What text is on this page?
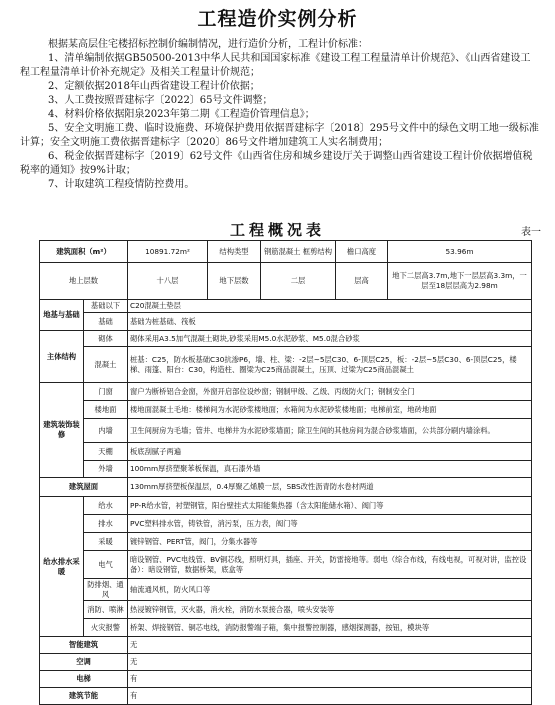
工程造价实例分析

根据某高层住宅楼招标控制价编制情况，进行造价分析，工程计价标准：

1、清单编制依据GB50500-2013中华人民共和国国家标准《建设工程工程量清单计价规范》、《山西省建设工程工程量清单计价补充规定》及相关工程量计价规范；

2、定额依据2018年山西省建设工程计价依据；

3、人工费按照晋建标字〔2022〕65号文件调整；

4、材料价格依据阳泉2023年第二期《工程造价管理信息》；

5、安全文明施工费、临时设施费、环境保护费用依据晋建标字〔2018〕295号文件中的绿色文明工地一级标准计算；安全文明施工费依据晋建标字〔2020〕86号文件增加建筑工人实名制费用；

6、税金依据晋建标字〔2019〕62号文件《山西省住房和城乡建设厅关于调整山西省建设工程计价依据增值税税率的通知》按9%计取；

7、计取建筑工程疫情防控费用。

工程概况表	表一
建筑面积（m²）		10891.72m²	结构类型	钢筋混凝土 框剪结构	檐口高度	53.96m
地上层数		十八层	地下层数	二层	层高	地下二层高3.7m,地下一层层高3.3m，一层至18层层高为2.98m
地基与基础	基础以下	C20混凝土垫层				
	基础	基础为桩基础、筏板				
主体结构	砌体	砌体采用A3.5加气混凝土砌块,砂浆采用M5.0水泥砂浆、M5.0混合砂浆				
	混凝土	桩基：C25，防水板基础C30抗渗P6，墙、柱、梁：-2层~5层C30、6-顶层C25，板：-2层~5层C30、6-顶层C25，楼梯、雨篷、阳台：C30，构造柱、圈梁为C25商品混凝土，压顶、过梁为C25商品混凝土				
建筑装饰装修	门窗	窗户为断桥铝合金窗，外窗开启部位设纱窗；钢制甲级、乙级、丙级防火门；钢制安全门				
	楼地面	楼地面混凝土毛地：楼梯间为水泥砂浆楼地面；水箱间为水泥砂浆楼地面；电梯前室，地砖地面				
	内墙	卫生间厨房为毛墙；管井、电梯井为水泥砂浆墙面；除卫生间的其他房间为混合砂浆墙面，公共部分刷内墙涂料。				
	天棚	板底刮腻子两遍				
	外墙	100mm厚挤塑聚苯板保温，真石漆外墙				
建筑屋面		130mm厚挤塑板保温层，0.4厚聚乙烯膜一层，SBS改性沥青防水卷材两道				
给水排水采暖	给水	PP-R给水管，衬塑钢管，阳台壁挂式太阳能集热器（含太阳能储水箱）、阀门等				
	排水	PVC塑料排水管，铸铁管，消污泵，压力表，阀门等				
	采暖	镀锌钢管、PERT管，阀门，分集水器等				
	电气	暗设钢管、PVC电线管、BV铜芯线，照明灯具，插座、开关，防雷接地等。弱电（综合布线，有线电视，可视对讲，监控设备）：暗设钢管，数据桥架，底盒等				
	防排烟、通风	轴流通风机，防火风口等				
	消防、喷淋	热浸镀锌钢管，灭火器，消火栓，消防水泵接合器，喷头安装等				
	火灾报警	桥架、焊接钢管、铜芯电线，消防报警端子箱，集中报警控制器，感烟探测器，按钮，模块等				
智能建筑		无				
空调		无				
电梯		有				
建筑节能		有				
